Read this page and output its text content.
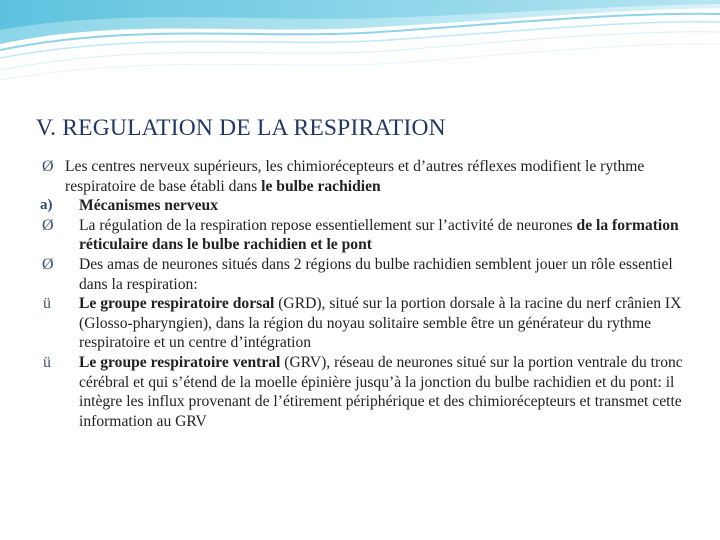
V. REGULATION DE LA RESPIRATION
Ø Les centres nerveux supérieurs, les chimiorécepteurs et d’autres réflexes modifient le rythme respiratoire de base établi dans le bulbe rachidien
a) Mécanismes nerveux
Ø La régulation de la respiration repose essentiellement sur l’activité de neurones de la formation réticulaire dans le bulbe rachidien et le pont
Ø Des amas de neurones situés dans 2 régions du bulbe rachidien semblent jouer un rôle essentiel dans la respiration:
ü Le groupe respiratoire dorsal (GRD), situé sur la portion dorsale à la racine du nerf crânien IX (Glosso-pharyngien), dans la région du noyau solitaire semble être un générateur du rythme respiratoire et un centre d’intégration
ü Le groupe respiratoire ventral (GRV), réseau de neurones situé sur la portion ventrale du tronc cérébral et qui s’étend de la moelle épinière jusqu’à la jonction du bulbe rachidien et du pont: il intègre les influx provenant de l’étirement périphérique et des chimiorécepteurs et transmet cette information au GRV
